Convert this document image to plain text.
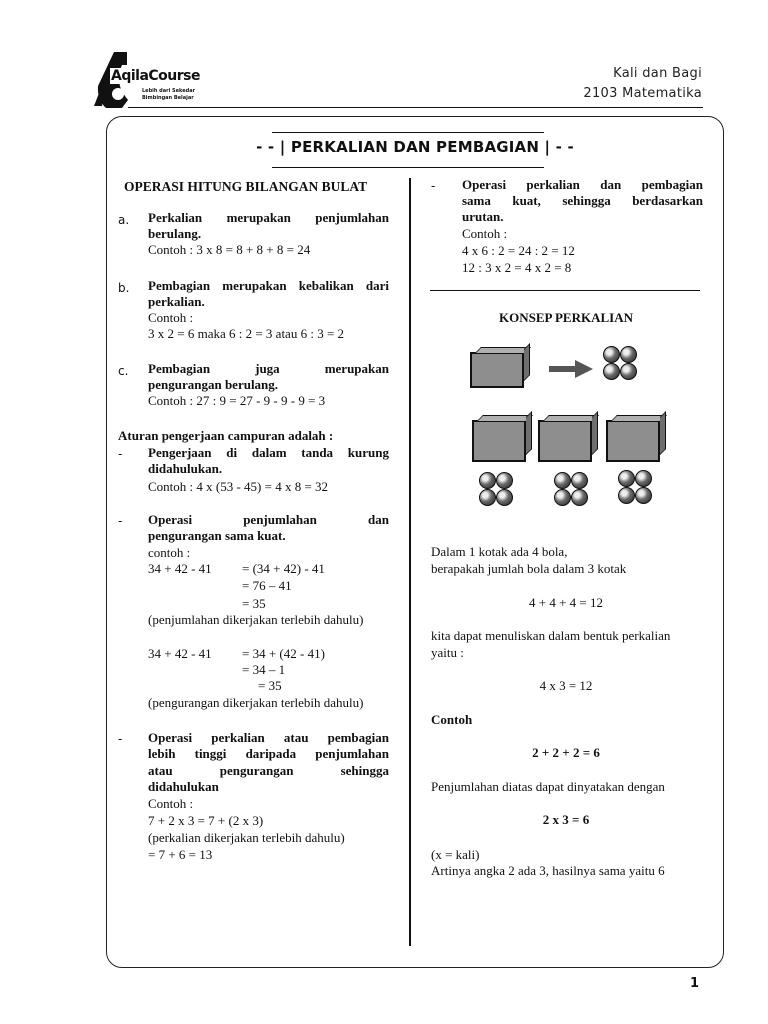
AqilaCourse
Lebih dari Sekedar
Bimbingan Belajar
Kali dan Bagi
2103 Matematika
- - | PERKALIAN DAN PEMBAGIAN | - -
OPERASI HITUNG BILANGAN BULAT
a. Perkalian merupakan penjumlahan
berulang.
Contoh : 3 x 8 = 8 + 8 + 8 = 24
b. Pembagian merupakan kebalikan dari
perkalian.
Contoh :
3 x 2 = 6 maka 6 : 2 = 3 atau 6 : 3 = 2
c. Pembagian juga merupakan
pengurangan berulang.
Contoh : 27 : 9 = 27 - 9 - 9 - 9 = 3
Aturan pengerjaan campuran adalah :
- Pengerjaan di dalam tanda kurung
didahulukan.
Contoh : 4 x (53 - 45) = 4 x 8 = 32
- Operasi penjumlahan dan
pengurangan sama kuat.
contoh :
34 + 42 - 41 = (34 + 42) - 41
= 76 – 41
= 35
(penjumlahan dikerjakan terlebih dahulu)
34 + 42 - 41 = 34 + (42 - 41)
= 34 – 1
= 35
(pengurangan dikerjakan terlebih dahulu)
- Operasi perkalian atau pembagian
lebih tinggi daripada penjumlahan
atau pengurangan sehingga
didahulukan
Contoh :
7 + 2 x 3 = 7 + (2 x 3)
(perkalian dikerjakan terlebih dahulu)
= 7 + 6 = 13
- Operasi perkalian dan pembagian
sama kuat, sehingga berdasarkan
urutan.
Contoh :
4 x 6 : 2 = 24 : 2 = 12
12 : 3 x 2 = 4 x 2 = 8
KONSEP PERKALIAN
Dalam 1 kotak ada 4 bola,
berapakah jumlah bola dalam 3 kotak
4 + 4 + 4 = 12
kita dapat menuliskan dalam bentuk perkalian
yaitu :
4 x 3 = 12
Contoh
2 + 2 + 2 = 6
Penjumlahan diatas dapat dinyatakan dengan
2 x 3 = 6
(x = kali)
Artinya angka 2 ada 3, hasilnya sama yaitu 6
1
